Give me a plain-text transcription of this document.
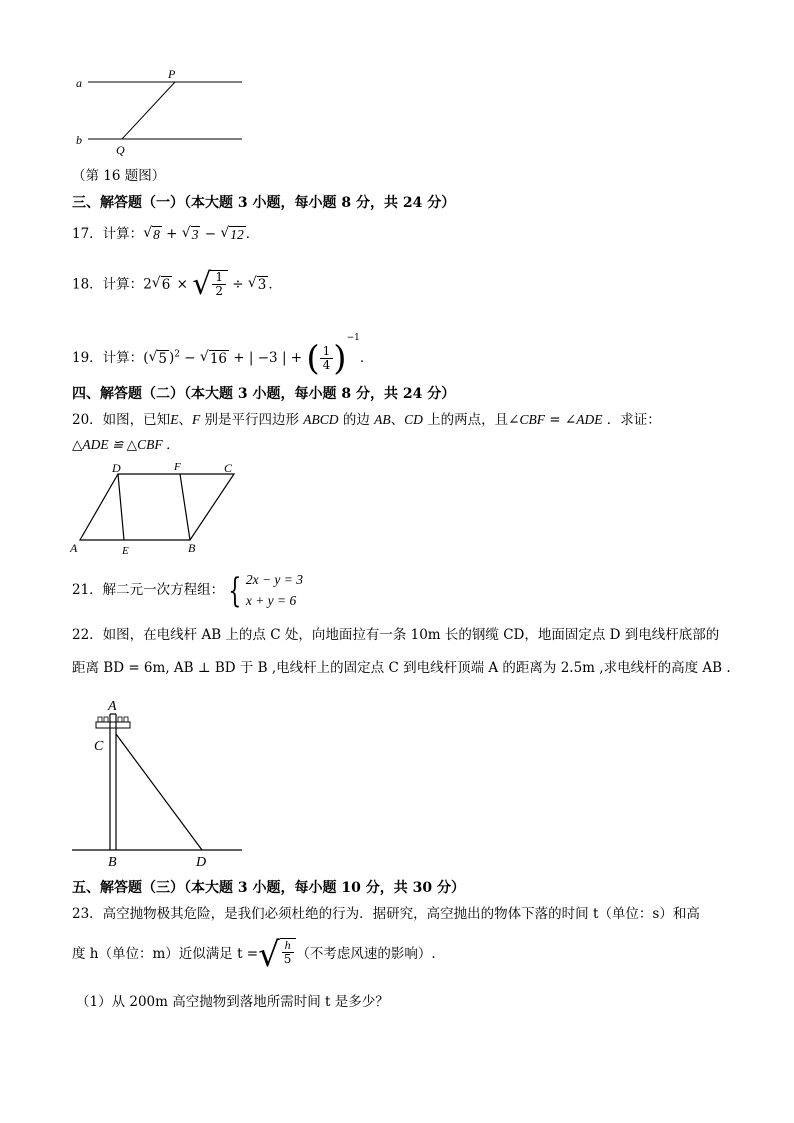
a
b
P
Q
（第 16 题图）
三、解答题（一）（本大题 3 小题，每小题 8 分，共 24 分）
17．计算： √ 8 + √ 3 − √ 12 ．
18．计算：2 √ 6 × √ $\frac{1}{2}$ ÷ √ 3 ．
19．计算：( √ 5 )$^2$ − √ 16 + | −3 | + ( $\frac{1}{4} )^{-1}$．
四、解答题（二）（本大题 3 小题，每小题 8 分，共 24 分）
20．如图，已知E、F 别是平行四边形 ABCD 的边 AB、CD 上的两点，且∠CBF = ∠ADE ．求证：
△ADE ≌ △CBF ．
A	B
C
D
E
F
21．解二元一次方程组： { 2x − y = 3
x + y = 6
22．如图，在电线杆 AB 上的点 C 处，向地面拉有一条 10m 长的钢缆 CD，地面固定点 D 到电线杆底部的
距离 BD = 6m, AB ⊥ BD 于 B ,电线杆上的固定点 C 到电线杆顶端 A 的距离为 2.5m ,求电线杆的高度 AB .
A
C
B	D
五、解答题（三）（本大题 3 小题，每小题 10 分，共 30 分）
23．高空抛物极其危险，是我们必须杜绝的行为．据研究，高空抛出的物体下落的时间 t（单位：s）和高
度 h（单位：m）近似满足 t = √ $\frac{h}{5}$ （不考虑风速的影响）.
（1）从 200m 高空抛物到落地所需时间 t 是多少？
